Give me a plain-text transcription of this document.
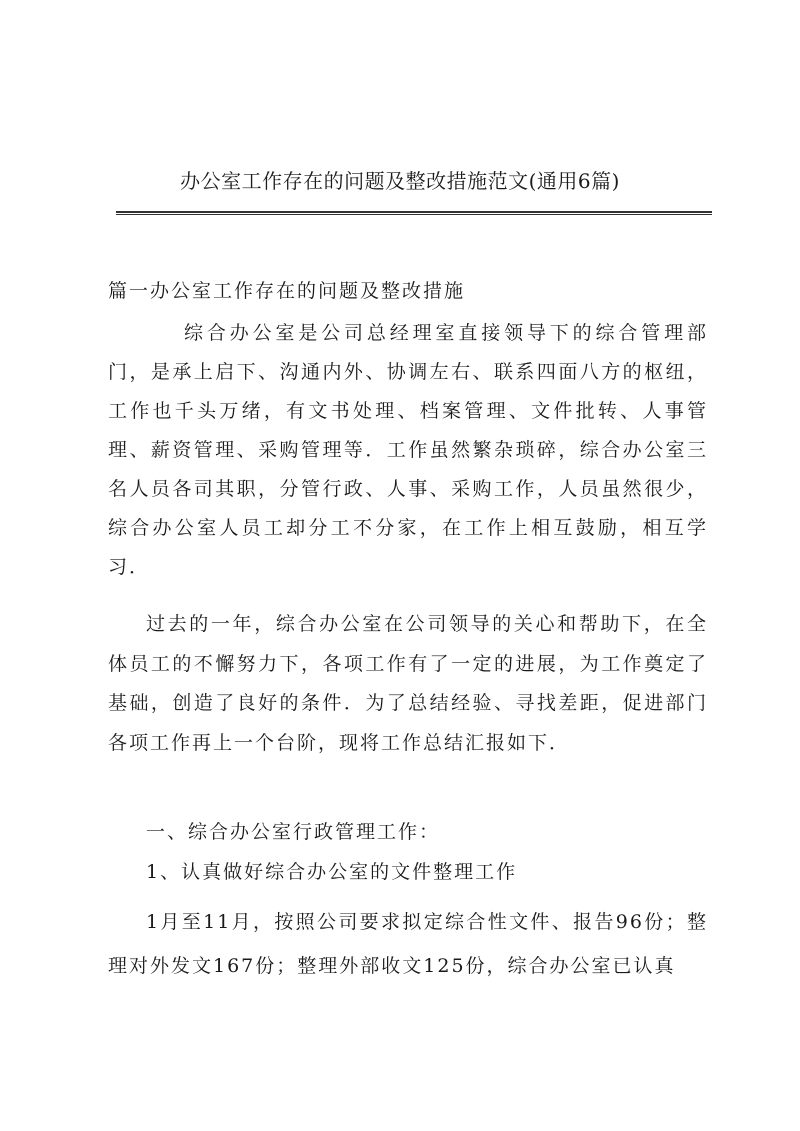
办公室工作存在的问题及整改措施范文(通用6篇)
篇一办公室工作存在的问题及整改措施
综合办公室是公司总经理室直接领导下的综合管理部门，是承上启下、沟通内外、协调左右、联系四面八方的枢纽，工作也千头万绪，有文书处理、档案管理、文件批转、人事管理、薪资管理、采购管理等．工作虽然繁杂琐碎，综合办公室三名人员各司其职，分管行政、人事、采购工作，人员虽然很少，综合办公室人员工却分工不分家，在工作上相互鼓励，相互学习．
过去的一年，综合办公室在公司领导的关心和帮助下，在全体员工的不懈努力下，各项工作有了一定的进展，为工作奠定了基础，创造了良好的条件．为了总结经验、寻找差距，促进部门各项工作再上一个台阶，现将工作总结汇报如下．
一、综合办公室行政管理工作：
1、认真做好综合办公室的文件整理工作
1月至11月，按照公司要求拟定综合性文件、报告96份；整理对外发文167份；整理外部收文125份，综合办公室已认真
